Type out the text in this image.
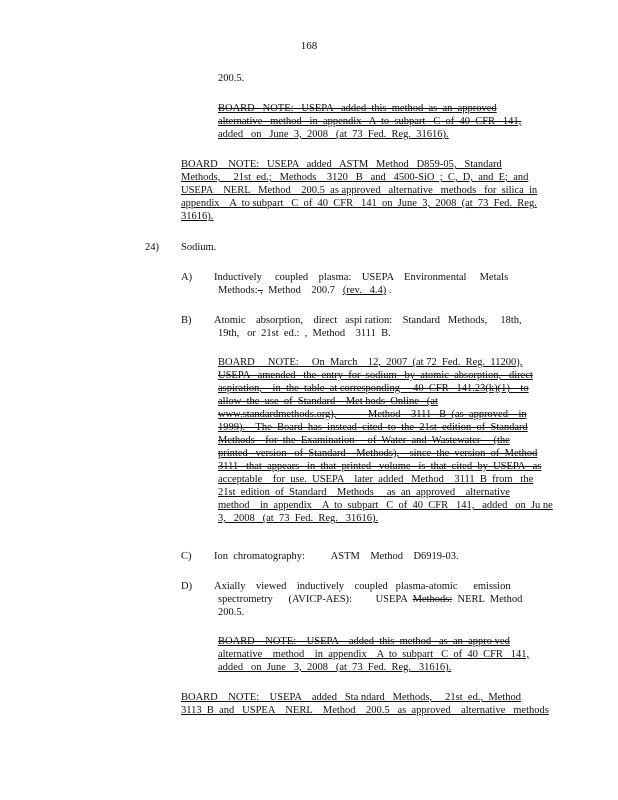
168
200.5.
BOARD   NOTE:   USEPA   added  this  method  as  an  approved
alternative   method   in  appendix   A  to  subpart   C  of  40  CFR   141,
added   on   June  3,  2008   (at  73  Fed.  Reg.  31616).
BOARD    NOTE:   USEPA   added   ASTM   Method   D859-05,   Standard
Methods,     21st  ed.;   Methods    3120   B   and   4500-SiO  ;  C,  D,  and  E;  and
USEPA    NERL   Method    200.5  as approved   alternative   methods   for  silica  in
appendix    A  to subpart   C  of  40  CFR   141  on  June  3,  2008  (at  73  Fed.  Reg.
31616).
24) Sodium.
A) Inductively     coupled    plasma:    USEPA    Environmental     Metals
Methods: ,  Method    200.7   (rev.   4.4) .
B) Atomic    absorption,    direct   aspi ration:    Standard   Methods,     18th,
19th,   or  21st  ed.:  ,  Method    3111  B.
BOARD     NOTE:     On  March    12,  2007  (at 72  Fed.  Reg.  11200),
USEPA   amended   the  entry  for  sodium   by  atomic  absorption,   direct
aspiration,    in  the  table  at corresponding     40  CFR   141.23(k)(1)    to
allow  the  use  of  Standard    Met hods  Online   (at
www.standardmethods.org),            Method    3111   B  (as  approved    in
1999).    The  Board  has  instead  cited  to  the  21st  edition  of  Standard
Methods    for  the  Examination     of  Water  and  Wastewater     (the
printed   version   of  Standard    Methods),    since  the  version  of  Method
3111   that  appears   in  that  printed   volume   is  that  cited  by  USEPA   as
acceptable    for  use.  USEPA    later  added   Method    3111  B  from   the
21st  edition  of  Standard    Methods     as  an  approved    alternative
method    in  appendix    A  to  subpart   C  of  40  CFR   141,   added   on  Ju ne
3,   2008   (at  73  Fed.  Reg.   31616).
C) Ion  chromatography:          ASTM    Method    D6919-03.
D) Axially    viewed    inductively    coupled   plasma-atomic      emission
spectrometry      (AVICP-AES):         USEPA  Methods:  NERL  Method
200.5.
BOARD    NOTE:    USEPA    added  this  method   as  an  appro ved
alternative    method    in  appendix    A  to  subpart   C  of  40  CFR   141,
added   on  June   3,  2008   (at  73  Fed.  Reg.   31616).
BOARD    NOTE:    USEPA    added   Sta ndard   Methods,     21st  ed.,  Method
3113  B  and   USPEA    NERL    Method    200.5   as  approved    alternative   methods
